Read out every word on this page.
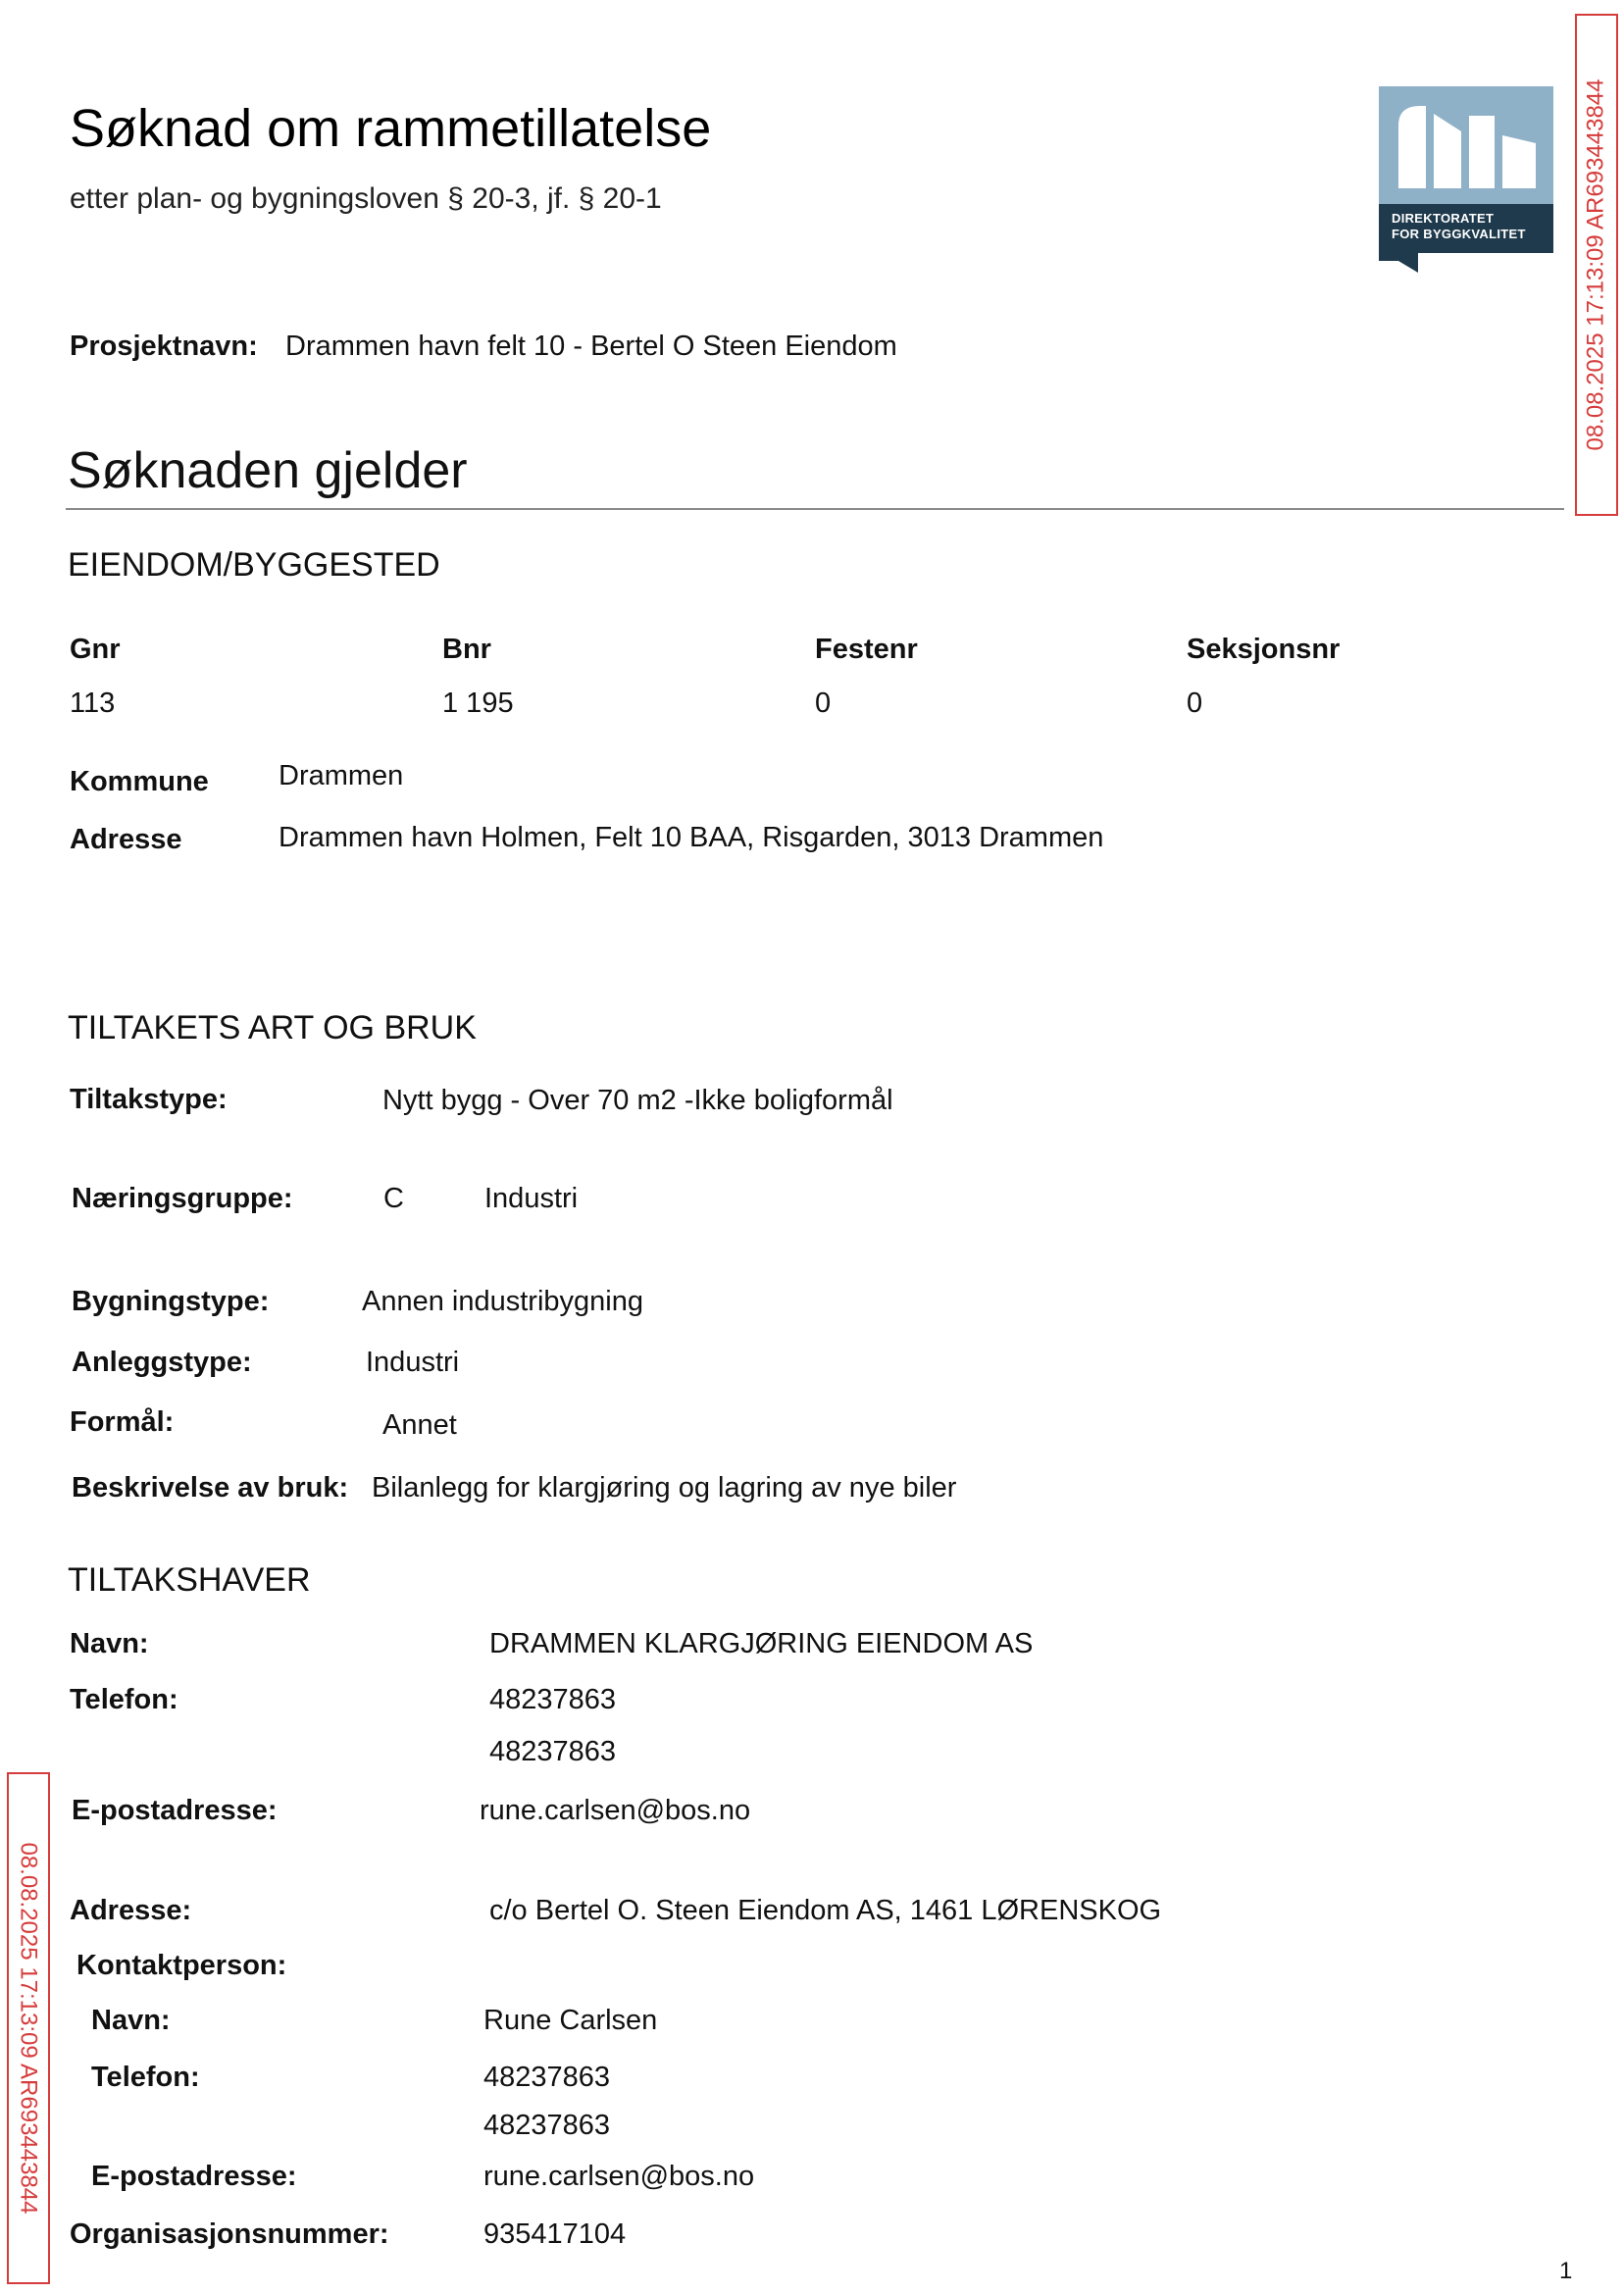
Søknad om rammetillatelse
etter plan- og bygningsloven § 20-3, jf. § 20-1
DIREKTORATET
FOR BYGGKVALITET 08.08.2025 17:13:09 AR693443844
08.08.2025 17:13:09 AR693443844
Prosjektnavn: Drammen havn felt 10 - Bertel O Steen Eiendom
Søknaden gjelder
EIENDOM/BYGGESTED
Gnr	Bnr	Festenr	Seksjonsnr
113	1 195	0	0
Kommune Drammen
Adresse	Drammen havn Holmen, Felt 10 BAA, Risgarden, 3013 Drammen
TILTAKETS ART OG BRUK
Tiltakstype:	Nytt bygg - Over 70 m2 -Ikke boligformål
Næringsgruppe:	C	Industri
Bygningstype:	Annen industribygning
Anleggstype:	Industri
Formål:	Annet
Beskrivelse av bruk: Bilanlegg for klargjøring og lagring av nye biler
TILTAKSHAVER
Navn:	DRAMMEN KLARGJØRING EIENDOM AS
Telefon:	48237863
48237863
E-postadresse:	rune.carlsen@bos.no
Adresse:	c/o Bertel O. Steen Eiendom AS, 1461 LØRENSKOG
Kontaktperson:
Navn:	Rune Carlsen
Telefon:	48237863
48237863
E-postadresse:	rune.carlsen@bos.no
Organisasjonsnummer:	935417104
1
